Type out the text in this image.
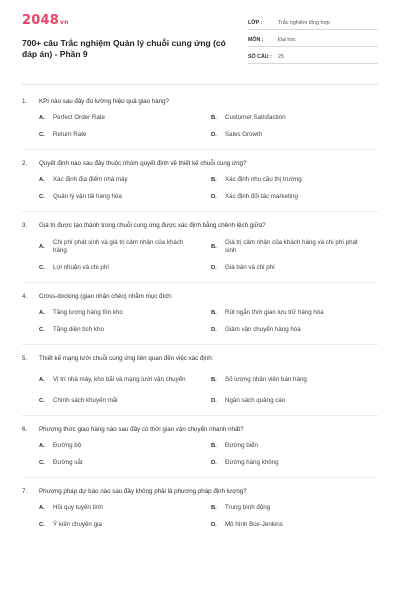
2048vn
700+ câu Trắc nghiệm Quản lý chuỗi cung ứng (có đáp án) - Phần 9
LỚP :	Trắc nghiệm tổng hợp
MÔN :	Đại học
SỐ CÂU :	25
1.	KPI nào sau đây đo lường hiệu quả giao hàng?
A.	Perfect Order Rate	B.	Customer Satisfaction
C.	Return Rate	D.	Sales Growth
2.	Quyết định nào sau đây thuộc nhóm quyết định về thiết kế chuỗi cung ứng?
A.	Xác định địa điểm nhà máy	B.	Xác định nhu cầu thị trường
C.	Quản lý vận tải hàng hóa	D.	Xác định đối tác marketing
3.	Giá trị được tạo thành trong chuỗi cung ứng được xác định bằng chênh lệch giữa?
A.
Chi phí phát sinh và giá trị cảm nhận của khách hàng
B.
Giá trị cảm nhận của khách hàng và chi phí phát sinh
C.	Lợi nhuận và chi phí	D.	Giá bán và chi phí
4.	Cross-docking (giao nhận chéo) nhằm mục đích:
A.	Tăng lượng hàng tồn kho	B.	Rút ngắn thời gian lưu trữ hàng hóa
C.	Tăng diện tích kho	D.	Giảm vận chuyển hàng hóa
5.	Thiết kế mạng lưới chuỗi cung ứng liên quan đến việc xác định:
A.	Vị trí nhà máy, kho bãi và mạng lưới vận chuyển	B.	Số lượng nhân viên bán hàng
C.	Chính sách khuyến mãi	D.	Ngân sách quảng cáo
6.	Phương thức giao hàng nào sau đây có thời gian vận chuyển nhanh nhất?
A.	Đường bộ	B.	Đường biển
C.	Đường sắt	D.	Đường hàng không
7.	Phương pháp dự báo nào sau đây không phải là phương pháp định lượng?
A.	Hồi quy tuyến tính	B.	Trung bình động
C.	Ý kiến chuyên gia	D.	Mô hình Box-Jenkins
